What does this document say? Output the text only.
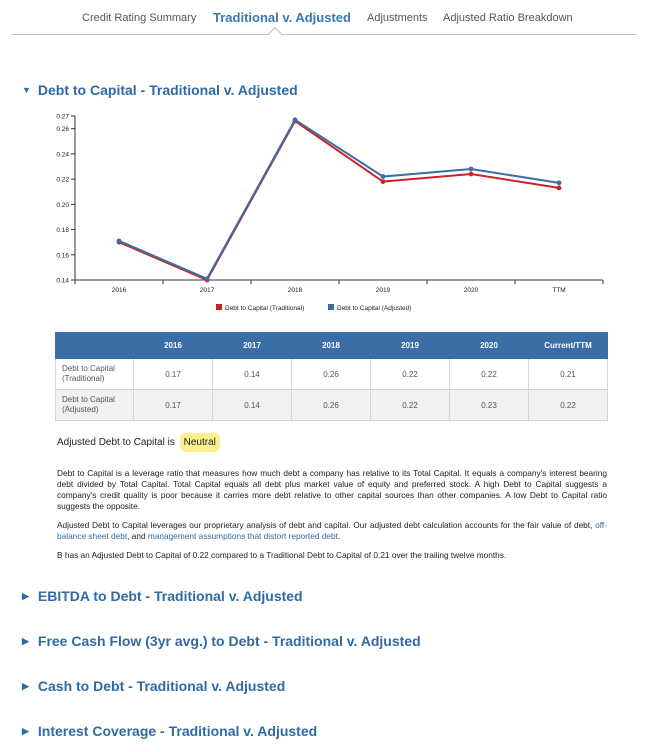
Credit Rating Summary Traditional v. Adjusted Adjustments Adjusted Ratio Breakdown
▼ Debt to Capital - Traditional v. Adjusted
0.14
0.16
0.18
0.20
0.22
0.24
0.26
0.27
2016	2017	2018	2019	2020	TTM
Debt to Capital (Traditional)	Debt to Capital (Adjusted)
	2016	2017	2018	2019	2020	Current/TTM
Debt to Capital (Traditional)	0.17	0.14	0.26	0.22	0.22	0.21
Debt to Capital (Adjusted)	0.17	0.14	0.26	0.22	0.23	0.22
Adjusted Debt to Capital is Neutral

Debt to Capital is a leverage ratio that measures how much debt a company has relative to its Total Capital. It equals a company's interest bearing debt divided by Total Capital. Total Capital equals all debt plus market value of equity and preferred stock. A high Debt to Capital suggests a company's credit quality is poor because it carries more debt relative to other capital sources than other companies. A low Debt to Capital ratio suggests the opposite.

Adjusted Debt to Capital leverages our proprietary analysis of debt and capital. Our adjusted debt calculation accounts for the fair value of debt, off-balance sheet debt, and management assumptions that distort reported debt.

B has an Adjusted Debt to Capital of 0.22 compared to a Traditional Debt to Capital of 0.21 over the trailing twelve months.

▶ EBITDA to Debt - Traditional v. Adjusted
▶ Free Cash Flow (3yr avg.) to Debt - Traditional v. Adjusted
▶ Cash to Debt - Traditional v. Adjusted
▶ Interest Coverage - Traditional v. Adjusted
